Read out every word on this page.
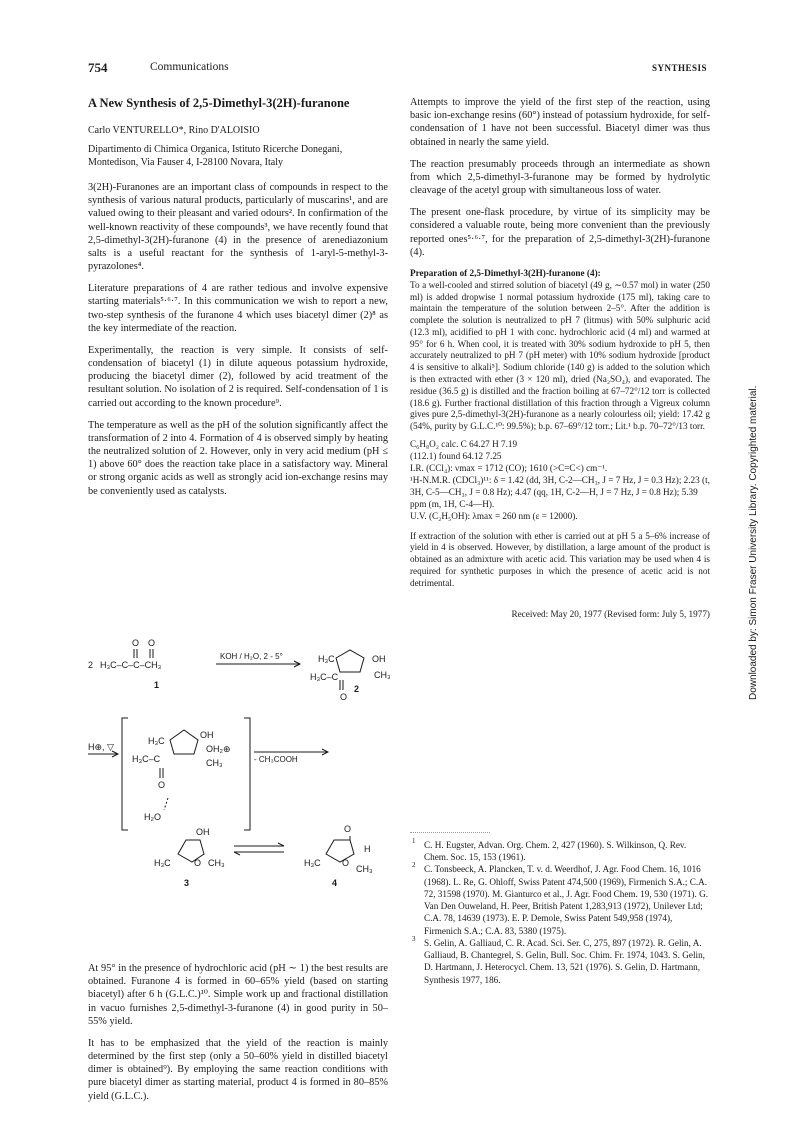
754	Communications	SYNTHESIS
A New Synthesis of 2,5-Dimethyl-3(2H)-furanone
Carlo VENTURELLO*, Rino D'ALOISIO
Dipartimento di Chimica Organica, Istituto Ricerche Donegani, Montedison, Via Fauser 4, I-28100 Novara, Italy

3(2H)-Furanones are an important class of compounds in respect to the synthesis of various natural products, particularly of muscarins¹, and are valued owing to their pleasant and varied odours². In confirmation of the well-known reactivity of these compounds³, we have recently found that 2,5-dimethyl-3(2H)-furanone (4) in the presence of arenediazonium salts is a useful reactant for the synthesis of 1-aryl-5-methyl-3-pyrazolones⁴.

Literature preparations of 4 are rather tedious and involve expensive starting materials⁵·⁶·⁷. In this communication we wish to report a new, two-step synthesis of the furanone 4 which uses biacetyl dimer (2)⁸ as the key intermediate of the reaction.

Experimentally, the reaction is very simple. It consists of self-condensation of biacetyl (1) in dilute aqueous potassium hydroxide, producing the biacetyl dimer (2), followed by acid treatment of the resultant solution. No isolation of 2 is required. Self-condensation of 1 is carried out according to the known procedure⁹.

The temperature as well as the pH of the solution significantly affect the transformation of 2 into 4. Formation of 4 is observed simply by heating the neutralized solution of 2. However, only in very acid medium (pH ≤ 1) above 60° does the reaction take place in a satisfactory way. Mineral or strong organic acids as well as strongly acid ion-exchange resins may be conveniently used as catalysts.

2 H₃C–C–C–CH₃
O O
1
KOH / H₂O, 2 - 5°	H₃C	OH
H₃C–C	CH₃
O
2
H⊕, ▽
H₃C
OH
OH₂⊕
H₃C–C	CH₃
O
H₂O
- CH₃COOH
OH
H₃C	O CH₃
3
O
H
H₃C O
CH₃
4

At 95° in the presence of hydrochloric acid (pH ∼ 1) the best results are obtained. Furanone 4 is formed in 60–65% yield (based on starting biacetyl) after 6 h (G.L.C.)¹⁰. Simple work up and fractional distillation in vacuo furnishes 2,5-dimethyl-3-furanone (4) in good purity in 50–55% yield.

It has to be emphasized that the yield of the reaction is mainly determined by the first step (only a 50–60% yield in distilled biacetyl dimer is obtained⁹). By employing the same reaction conditions with pure biacetyl dimer as starting material, product 4 is formed in 80–85% yield (G.L.C.).

Attempts to improve the yield of the first step of the reaction, using basic ion-exchange resins (60°) instead of potassium hydroxide, for self-condensation of 1 have not been successful. Biacetyl dimer was thus obtained in nearly the same yield.

The reaction presumably proceeds through an intermediate as shown from which 2,5-dimethyl-3-furanone may be formed by hydrolytic cleavage of the acetyl group with simultaneous loss of water.

The present one-flask procedure, by virtue of its simplicity may be considered a valuable route, being more convenient than the previously reported ones⁵·⁶·⁷, for the preparation of 2,5-dimethyl-3(2H)-furanone (4).

Preparation of 2,5-Dimethyl-3(2H)-furanone (4):
To a well-cooled and stirred solution of biacetyl (49 g, ∼0.57 mol) in water (250 ml) is added dropwise 1 normal potassium hydroxide (175 ml), taking care to maintain the temperature of the solution between 2–5°. After the addition is complete the solution is neutralized to pH 7 (litmus) with 50% sulphuric acid (12.3 ml), acidified to pH 1 with conc. hydrochloric acid (4 ml) and warmed at 95° for 6 h. When cool, it is treated with 30% sodium hydroxide to pH 5, then accurately neutralized to pH 7 (pH meter) with 10% sodium hydroxide [product 4 is sensitive to alkali⁵]. Sodium chloride (140 g) is added to the solution which is then extracted with ether (3 × 120 ml), dried (Na₂SO₄), and evaporated. The residue (36.5 g) is distilled and the fraction boiling at 67–72°/12 torr is collected (18.6 g). Further fractional distillation of this fraction through a Vigreux column gives pure 2,5-dimethyl-3(2H)-furanone as a nearly colourless oil; yield: 17.42 g (54%, purity by G.L.C.¹⁰: 99.5%); b.p. 67–69°/12 torr.; Lit.¹ b.p. 70–72°/13 torr.
C₆H₈O₂ calc. C 64.27 H 7.19
(112.1) found 64.12 7.25
I.R. (CCl₄): νmax = 1712 (CO); 1610 (>C=C<) cm⁻¹.
¹H-N.M.R. (CDCl₃)¹¹: δ = 1.42 (dd, 3H, C-2—CH₃, J = 7 Hz, J = 0.3 Hz); 2.23 (t, 3H, C-5—CH₃, J = 0.8 Hz); 4.47 (qq, 1H, C-2—H, J = 7 Hz, J = 0.8 Hz); 5.39 ppm (m, 1H, C-4—H).
U.V. (C₂H₅OH): λmax = 260 nm (ε = 12000).
If extraction of the solution with ether is carried out at pH 5 a 5–6% increase of yield in 4 is observed. However, by distillation, a large amount of the product is obtained as an admixture with acetic acid. This variation may be used when 4 is required for synthetic purposes in which the presence of acetic acid is not detrimental.
Received: May 20, 1977 (Revised form: July 5, 1977)
1 C. H. Eugster, Advan. Org. Chem. 2, 427 (1960). S. Wilkinson, Q. Rev. Chem. Soc. 15, 153 (1961).
2 C. Tonsbeeck, A. Plancken, T. v. d. Weerdhof, J. Agr. Food Chem. 16, 1016 (1968). L. Re, G. Ohloff, Swiss Patent 474,500 (1969), Firmenich S.A.; C.A. 72, 31598 (1970). M. Gianturco et al., J. Agr. Food Chem. 19, 530 (1971). G. Van Den Ouweland, H. Peer, British Patent 1,283,913 (1972), Unilever Ltd; C.A. 78, 14639 (1973). E. P. Demole, Swiss Patent 549,958 (1974), Firmenich S.A.; C.A. 83, 5380 (1975).
3 S. Gelin, A. Galliaud, C. R. Acad. Sci. Ser. C, 275, 897 (1972). R. Gelin, A. Galliaud, B. Chantegrel, S. Gelin, Bull. Soc. Chim. Fr. 1974, 1043. S. Gelin, D. Hartmann, J. Heterocycl. Chem. 13, 521 (1976). S. Gelin, D. Hartmann, Synthesis 1977, 186.
Downloaded by: Simon Fraser University Library. Copyrighted material.
